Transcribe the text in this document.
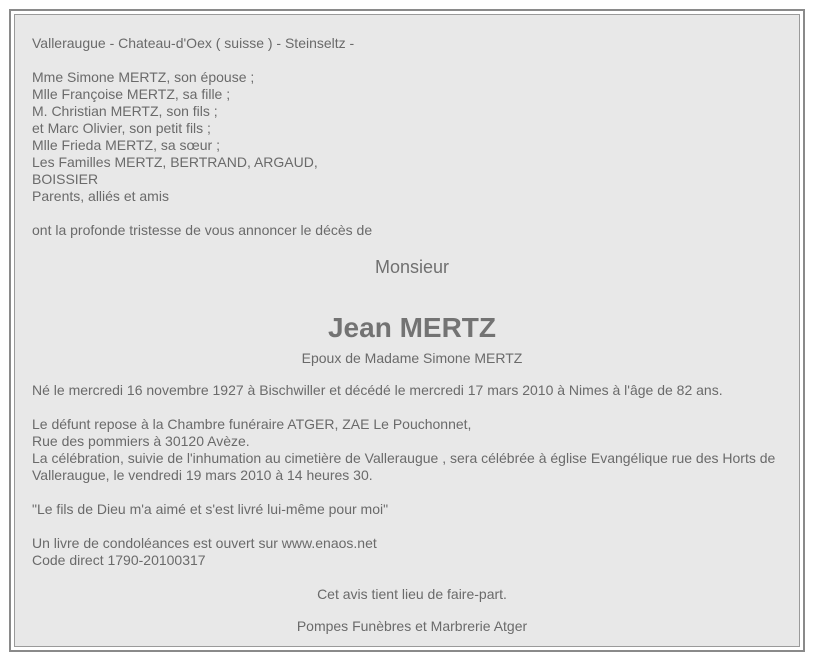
Valleraugue - Chateau-d'Oex ( suisse ) - Steinseltz -
Mme Simone MERTZ, son épouse ;
Mlle Françoise MERTZ, sa fille ;
M. Christian MERTZ, son fils ;
et Marc Olivier, son petit fils ;
Mlle Frieda MERTZ, sa sœur ;
Les Familles MERTZ, BERTRAND, ARGAUD,
BOISSIER
Parents, alliés et amis
ont la profonde tristesse de vous annoncer le décès de
Monsieur
Jean MERTZ
Epoux de Madame Simone MERTZ
Né le mercredi 16 novembre 1927 à Bischwiller et décédé le mercredi 17 mars 2010 à Nimes à l'âge de 82 ans.
Le défunt repose à la Chambre funéraire ATGER, ZAE Le Pouchonnet,
Rue des pommiers à 30120 Avèze.
La célébration, suivie de l'inhumation au cimetière de Valleraugue , sera célébrée à église Evangélique rue des Horts de Valleraugue, le vendredi 19 mars 2010 à 14 heures 30.
"Le fils de Dieu m'a aimé et s'est livré lui-même pour moi"
Un livre de condoléances est ouvert sur www.enaos.net
Code direct 1790-20100317
Cet avis tient lieu de faire-part.
Pompes Funèbres et Marbrerie Atger
